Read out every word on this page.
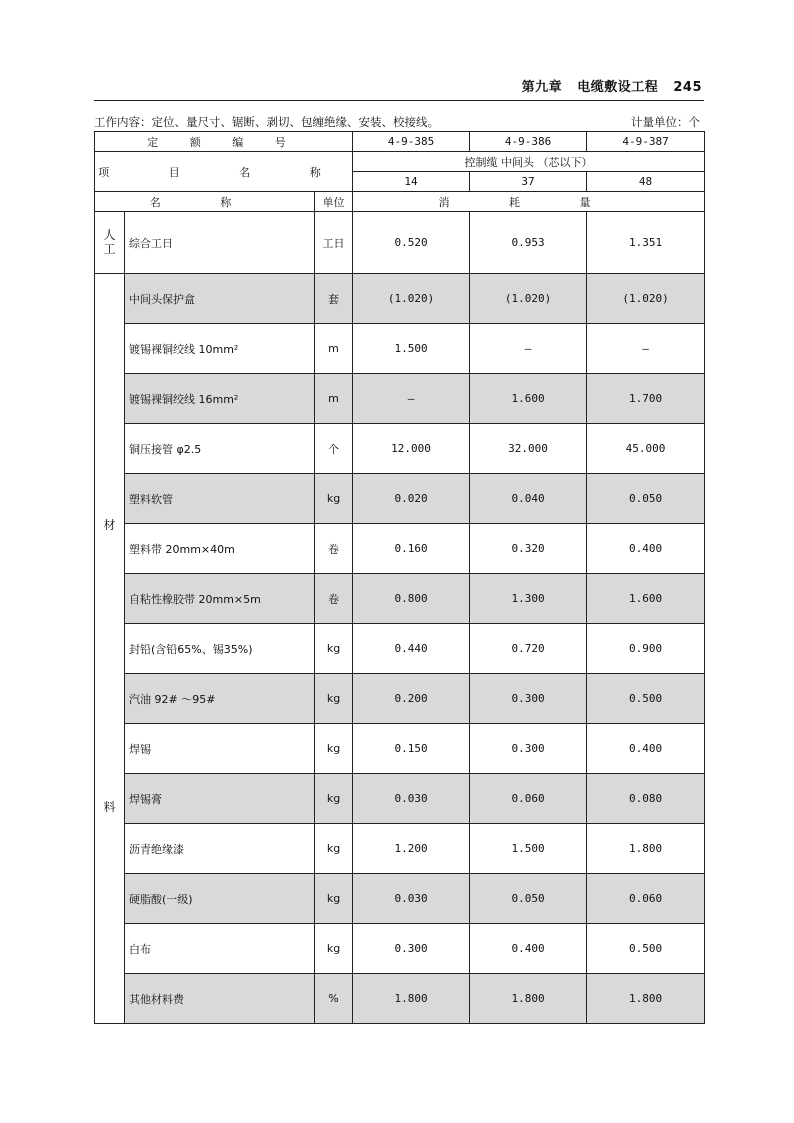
第九章 电缆敷设工程 245
工作内容：定位、量尺寸、锯断、剥切、包缠绝缘、安装、校接线。	计量单位：个
定 额 编 号			4-9-385	4-9-386	4-9-387
项 目 名 称			控制缆 中间头 （芯以下）		
			14	37	48
名 称		单位	消 耗 量		
人工	综合工日	工日	0.520	0.953	1.351

材
料	中间头保护盒	套	(1.020)	(1.020)	(1.020)
	镀锡裸铜绞线 10mm²	m	1.500	—	—
	镀锡裸铜绞线 16mm²	m	—	1.600	1.700
	铜压接管 φ2.5	个	12.000	32.000	45.000
	塑料软管	kg	0.020	0.040	0.050
	塑料带 20mm×40m	卷	0.160	0.320	0.400
	自粘性橡胶带 20mm×5m	卷	0.800	1.300	1.600
	封铅(含铅65%、锡35%)	kg	0.440	0.720	0.900
	汽油 92# ～95#	kg	0.200	0.300	0.500
	焊锡	kg	0.150	0.300	0.400
	焊锡膏	kg	0.030	0.060	0.080
	沥青绝缘漆	kg	1.200	1.500	1.800
	硬脂酸(一级)	kg	0.030	0.050	0.060
	白布	kg	0.300	0.400	0.500
	其他材料费	%	1.800	1.800	1.800
